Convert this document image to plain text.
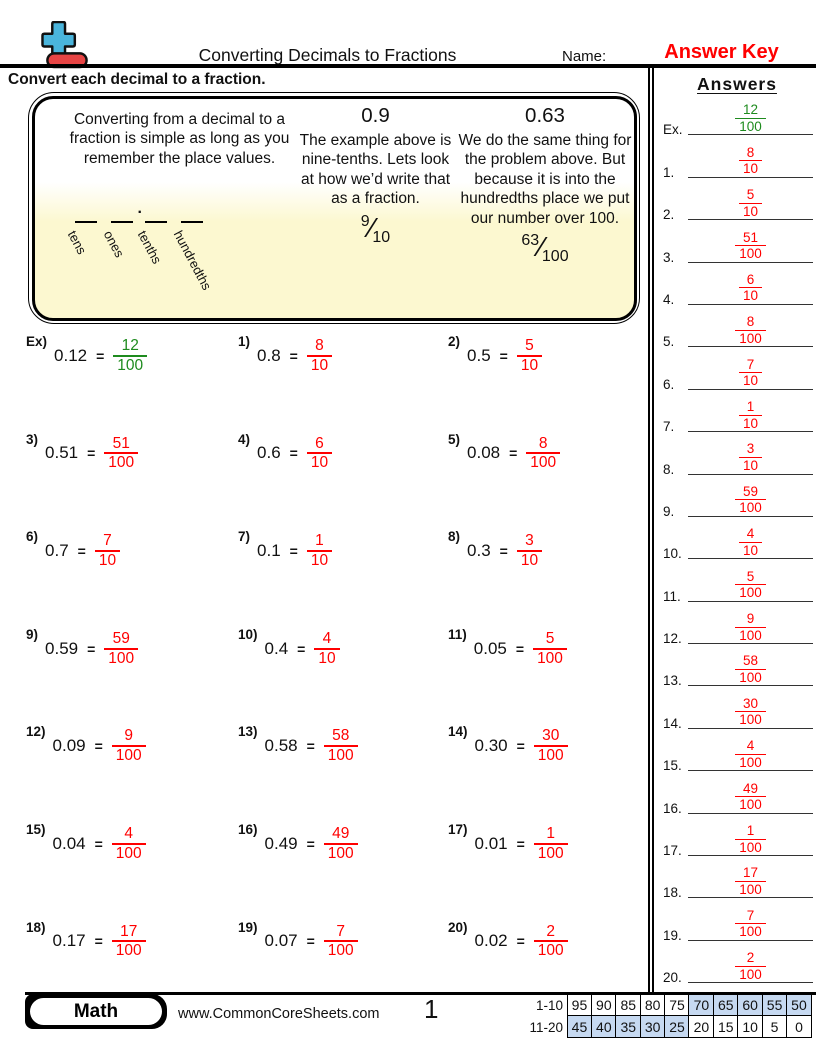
Converting Decimals to Fractions	Name:	Answer Key
Convert each decimal to a fraction.
Converting from a decimal to a fraction is simple as long as you remember the place values.
tens ones
.
tenths hundredths
0.9
The example above is nine-tenths. Lets look at how we’d write that as a fraction.
9⁄10
0.63
We do the same thing for the problem above. But because it is into the hundredths place we put our number over 100.
63⁄100
Ex)
$0.12 = \frac{12}{100}$	1)
$0.8 = \frac{8}{10}$	2)
$0.5 = \frac{5}{10}$
3)
$0.51 = \frac{51}{100}$	4)
$0.6 = \frac{6}{10}$	5)
$0.08 = \frac{8}{100}$
6)
$0.7 = \frac{7}{10}$	7)
$0.1 = \frac{1}{10}$	8)
$0.3 = \frac{3}{10}$
9)
$0.59 = \frac{59}{100}$	10)
$0.4 = \frac{4}{10}$	11)
$0.05 = \frac{5}{100}$
12)
$0.09 = \frac{9}{100}$	13)
$0.58 = \frac{58}{100}$	14)
$0.30 = \frac{30}{100}$
15)
$0.04 = \frac{4}{100}$	16)
$0.49 = \frac{49}{100}$	17)
$0.01 = \frac{1}{100}$
18)
$0.17 = \frac{17}{100}$	19)
$0.07 = \frac{7}{100}$	20)
$0.02 = \frac{2}{100}$
Answers
Ex.	$\frac{12}{100}$
1.	$\frac{8}{10}$
2.	$\frac{5}{10}$
3.	$\frac{51}{100}$
4.	$\frac{6}{10}$
5.	$\frac{8}{100}$
6.	$\frac{7}{10}$
7.	$\frac{1}{10}$
8.	$\frac{3}{10}$
9.	$\frac{59}{100}$
10.	$\frac{4}{10}$
11.	$\frac{5}{100}$
12.	$\frac{9}{100}$
13.	$\frac{58}{100}$
14.	$\frac{30}{100}$
15.	$\frac{4}{100}$
16.	$\frac{49}{100}$
17.	$\frac{1}{100}$
18.	$\frac{17}{100}$
19.	$\frac{7}{100}$
20.	$\frac{2}{100}$
Math	www.CommonCoreSheets.com 1	1-10 95 90 85 80 75 70 65 60 55 50
11-20 45 40 35 30 25 20 15 10 5	0
